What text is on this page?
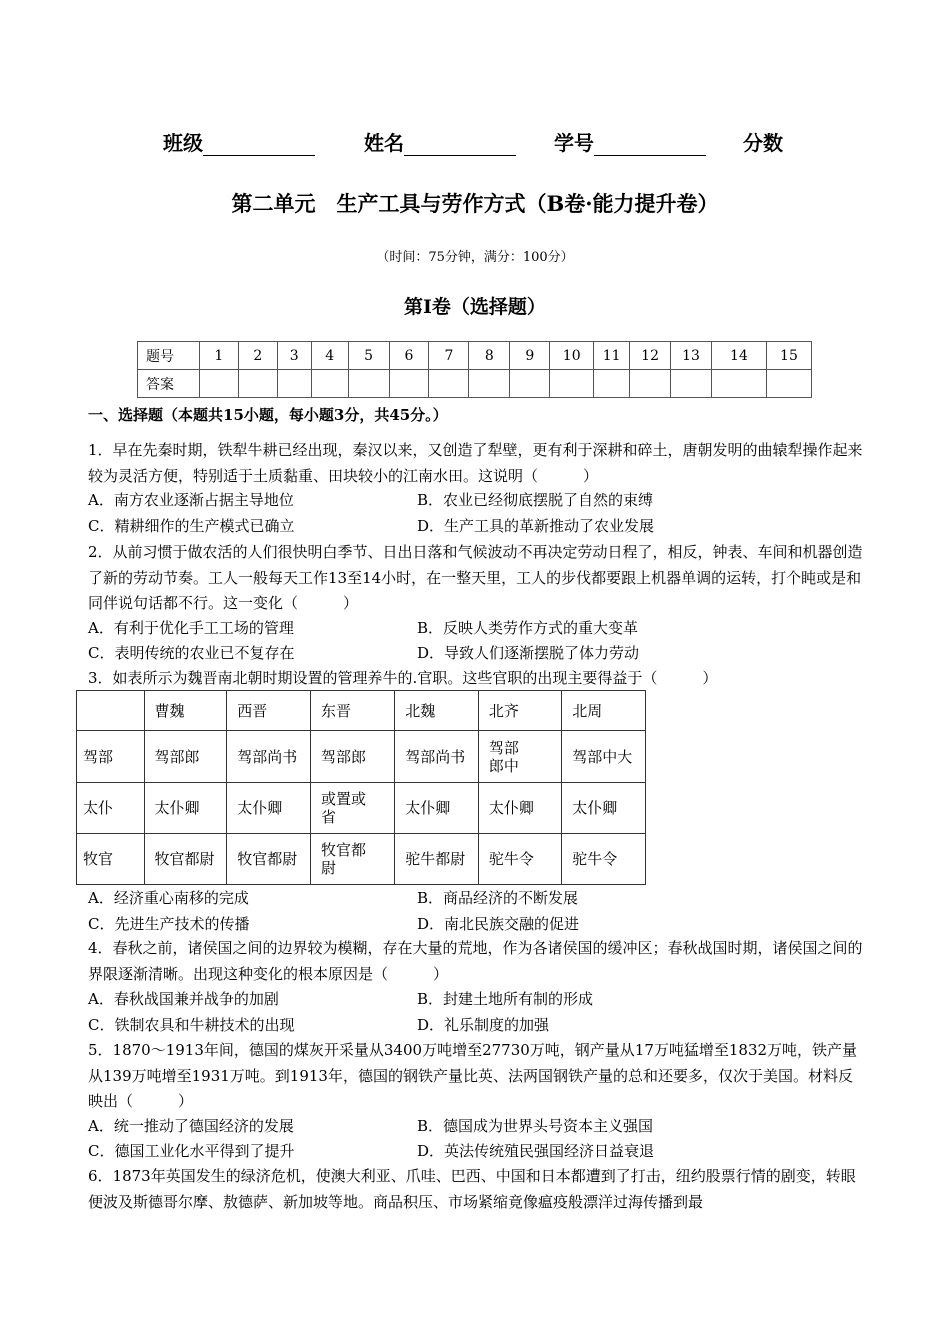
班级	姓名	学号	分数
第二单元　生产工具与劳作方式（B卷·能力提升卷）
（时间：75分钟，满分：100分）
第Ⅰ卷（选择题）
题号	1	2	3	4	5	6	7	8	9	10	11	12	13	14	15
答案															
一、选择题（本题共15小题，每小题3分，共45分。）
1．早在先秦时期，铁犁牛耕已经出现，秦汉以来，又创造了犁壁，更有利于深耕和碎土，唐朝发明的曲辕犁操作起来较为灵活方便，特别适于土质黏重、田块较小的江南水田。这说明（　　　）
A．南方农业逐渐占据主导地位	B．农业已经彻底摆脱了自然的束缚
C．精耕细作的生产模式已确立	D．生产工具的革新推动了农业发展
2．从前习惯于做农活的人们很快明白季节、日出日落和气候波动不再决定劳动日程了，相反，钟表、车间和机器创造了新的劳动节奏。工人一般每天工作13至14小时，在一整天里，工人的步伐都要跟上机器单调的运转，打个盹或是和同伴说句话都不行。这一变化（　　　）
A．有利于优化手工工场的管理	B．反映人类劳作方式的重大变革
C．表明传统的农业已不复存在	D．导致人们逐渐摆脱了体力劳动
3．如表所示为魏晋南北朝时期设置的管理养牛的.官职。这些官职的出现主要得益于（　　　）
	曹魏	西晋	东晋	北魏	北齐	北周
驾部	驾部郎	驾部尚书	驾部郎	驾部尚书	驾部郎中	驾部中大
太仆	太仆卿	太仆卿	或置或省	太仆卿	太仆卿	太仆卿
牧官	牧官都尉	牧官都尉	牧官都尉	驼牛都尉	驼牛令	驼牛令
A．经济重心南移的完成	B．商品经济的不断发展
C．先进生产技术的传播	D．南北民族交融的促进
4．春秋之前，诸侯国之间的边界较为模糊，存在大量的荒地，作为各诸侯国的缓冲区；春秋战国时期，诸侯国之间的界限逐渐清晰。出现这种变化的根本原因是（　　　）
A．春秋战国兼并战争的加剧	B．封建土地所有制的形成
C．铁制农具和牛耕技术的出现	D．礼乐制度的加强
5．1870～1913年间，德国的煤灰开采量从3400万吨增至27730万吨，钢产量从17万吨猛增至1832万吨，铁产量从139万吨增至1931万吨。到1913年，德国的钢铁产量比英、法两国钢铁产量的总和还要多，仅次于美国。材料反映出（　　　）
A．统一推动了德国经济的发展	B．德国成为世界头号资本主义强国
C．德国工业化水平得到了提升	D．英法传统殖民强国经济日益衰退
6．1873年英国发生的绿济危机，使澳大利亚、爪哇、巴西、中国和日本都遭到了打击，纽约股票行情的剧变，转眼便波及斯德哥尔摩、敖德萨、新加坡等地。商品积压、市场紧缩竟像瘟疫般漂洋过海传播到最
